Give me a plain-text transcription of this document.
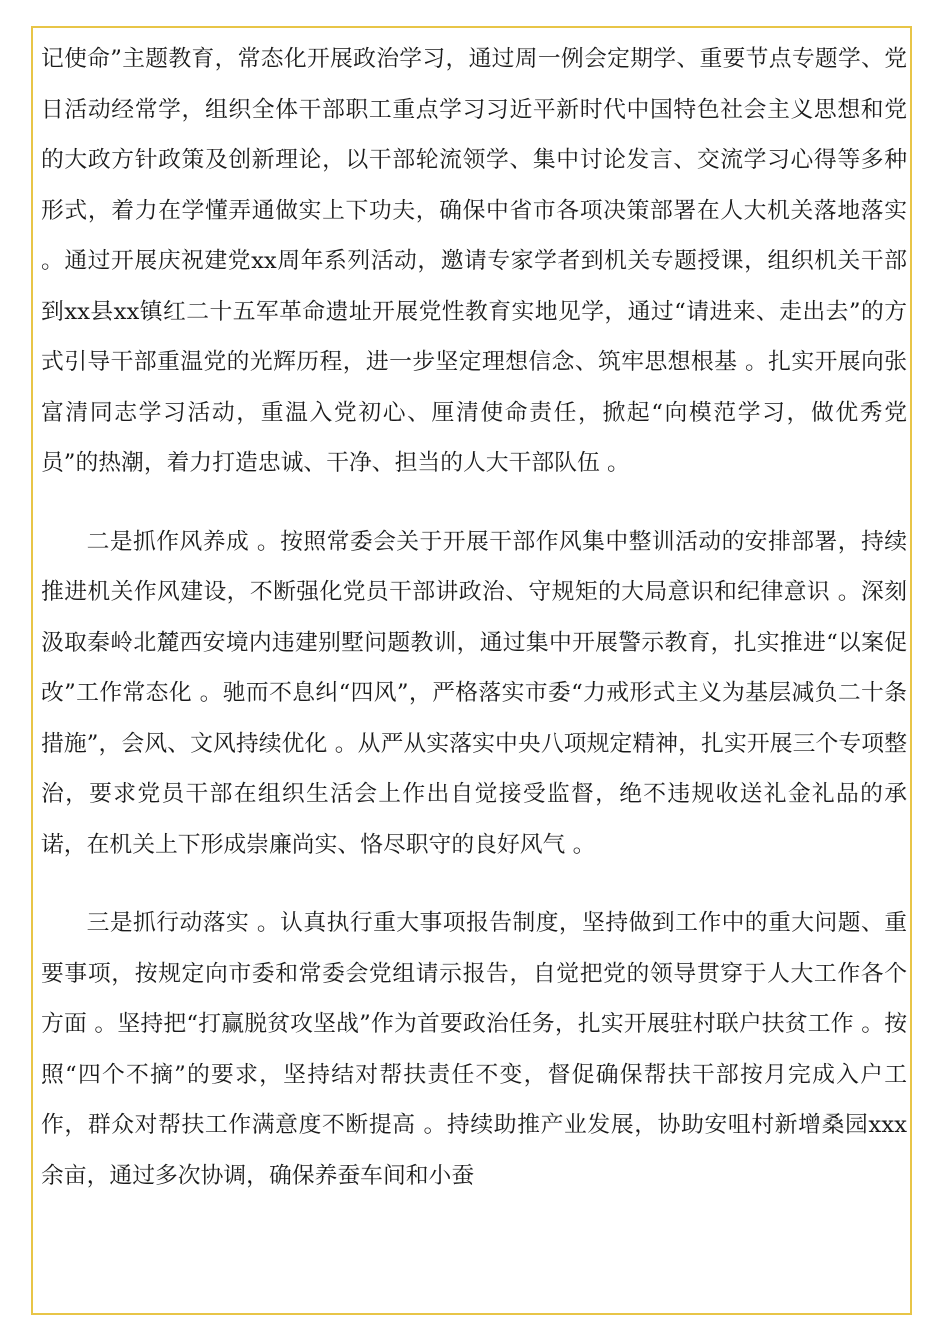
记使命”主题教育，常态化开展政治学习，通过周一例会定期学、重要节点专题学、党日活动经常学，组织全体干部职工重点学习习近平新时代中国特色社会主义思想和党的大政方针政策及创新理论，以干部轮流领学、集中讨论发言、交流学习心得等多种形式，着力在学懂弄通做实上下功夫，确保中省市各项决策部署在人大机关落地落实 。通过开展庆祝建党xx周年系列活动，邀请专家学者到机关专题授课，组织机关干部到xx县xx镇红二十五军革命遗址开展党性教育实地见学，通过“请进来、走出去”的方式引导干部重温党的光辉历程，进一步坚定理想信念、筑牢思想根基 。扎实开展向张富清同志学习活动，重温入党初心、厘清使命责任，掀起“向模范学习，做优秀党员”的热潮，着力打造忠诚、干净、担当的人大干部队伍 。

二是抓作风养成 。按照常委会关于开展干部作风集中整训活动的安排部署，持续推进机关作风建设，不断强化党员干部讲政治、守规矩的大局意识和纪律意识 。深刻汲取秦岭北麓西安境内违建别墅问题教训，通过集中开展警示教育，扎实推进“以案促改”工作常态化 。驰而不息纠“四风”，严格落实市委“力戒形式主义为基层减负二十条措施”，会风、文风持续优化 。从严从实落实中央八项规定精神，扎实开展三个专项整治，要求党员干部在组织生活会上作出自觉接受监督，绝不违规收送礼金礼品的承诺，在机关上下形成崇廉尚实、恪尽职守的良好风气 。

三是抓行动落实 。认真执行重大事项报告制度，坚持做到工作中的重大问题、重要事项，按规定向市委和常委会党组请示报告，自觉把党的领导贯穿于人大工作各个方面 。坚持把“打赢脱贫攻坚战”作为首要政治任务，扎实开展驻村联户扶贫工作 。按照“四个不摘”的要求，坚持结对帮扶责任不变，督促确保帮扶干部按月完成入户工作，群众对帮扶工作满意度不断提高 。持续助推产业发展，协助安咀村新增桑园xxx余亩，通过多次协调，确保养蚕车间和小蚕
